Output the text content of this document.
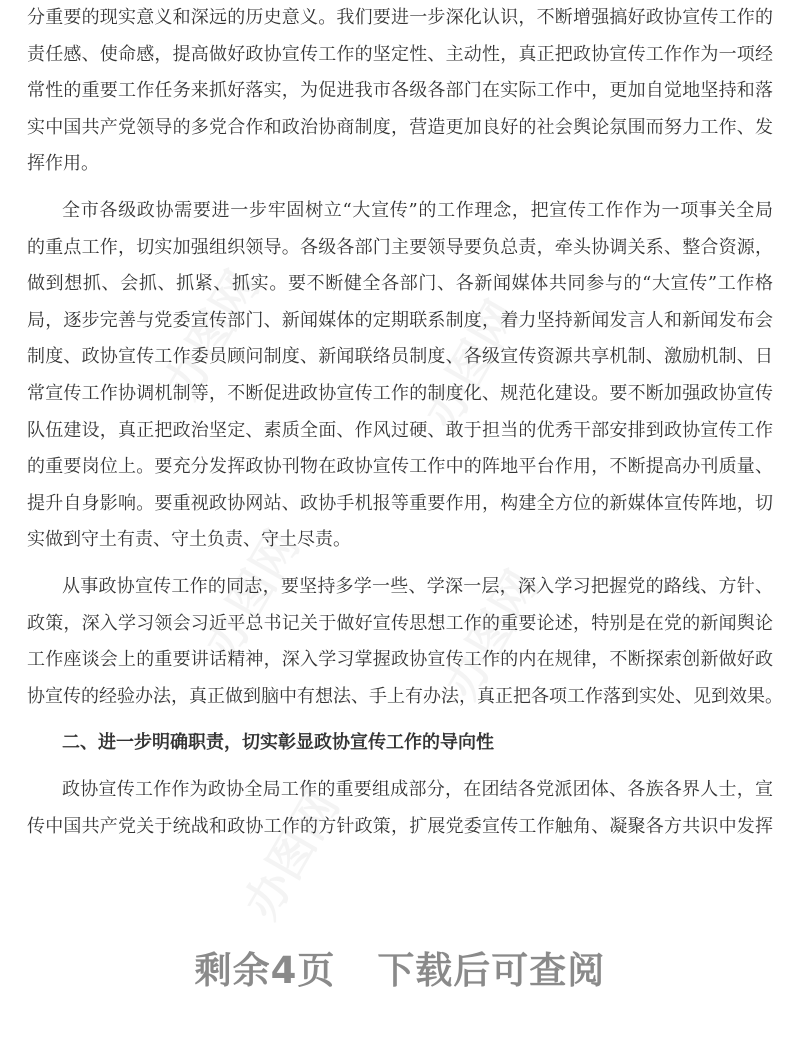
分重要的现实意义和深远的历史意义。我们要进一步深化认识，不断增强搞好政协宣传工作的
责任感、使命感，提高做好政协宣传工作的坚定性、主动性，真正把政协宣传工作作为一项经
常性的重要工作任务来抓好落实，为促进我市各级各部门在实际工作中，更加自觉地坚持和落
实中国共产党领导的多党合作和政治协商制度，营造更加良好的社会舆论氛围而努力工作、发
挥作用。
全市各级政协需要进一步牢固树立“大宣传”的工作理念，把宣传工作作为一项事关全局
的重点工作，切实加强组织领导。各级各部门主要领导要负总责，牵头协调关系、整合资源，
做到想抓、会抓、抓紧、抓实。要不断健全各部门、各新闻媒体共同参与的“大宣传”工作格
局，逐步完善与党委宣传部门、新闻媒体的定期联系制度，着力坚持新闻发言人和新闻发布会
制度、政协宣传工作委员顾问制度、新闻联络员制度、各级宣传资源共享机制、激励机制、日
常宣传工作协调机制等，不断促进政协宣传工作的制度化、规范化建设。要不断加强政协宣传
队伍建设，真正把政治坚定、素质全面、作风过硬、敢于担当的优秀干部安排到政协宣传工作
的重要岗位上。要充分发挥政协刊物在政协宣传工作中的阵地平台作用，不断提高办刊质量、
提升自身影响。要重视政协网站、政协手机报等重要作用，构建全方位的新媒体宣传阵地，切
实做到守土有责、守土负责、守土尽责。
从事政协宣传工作的同志，要坚持多学一些、学深一层，深入学习把握党的路线、方针、
政策，深入学习领会习近平总书记关于做好宣传思想工作的重要论述，特别是在党的新闻舆论
工作座谈会上的重要讲话精神，深入学习掌握政协宣传工作的内在规律，不断探索创新做好政
协宣传的经验办法，真正做到脑中有想法、手上有办法，真正把各项工作落到实处、见到效果。
二、进一步明确职责，切实彰显政协宣传工作的导向性
政协宣传工作作为政协全局工作的重要组成部分，在团结各党派团体、各族各界人士，宣
传中国共产党关于统战和政协工作的方针政策，扩展党委宣传工作触角、凝聚各方共识中发挥
剩余4页 下载后可查阅
